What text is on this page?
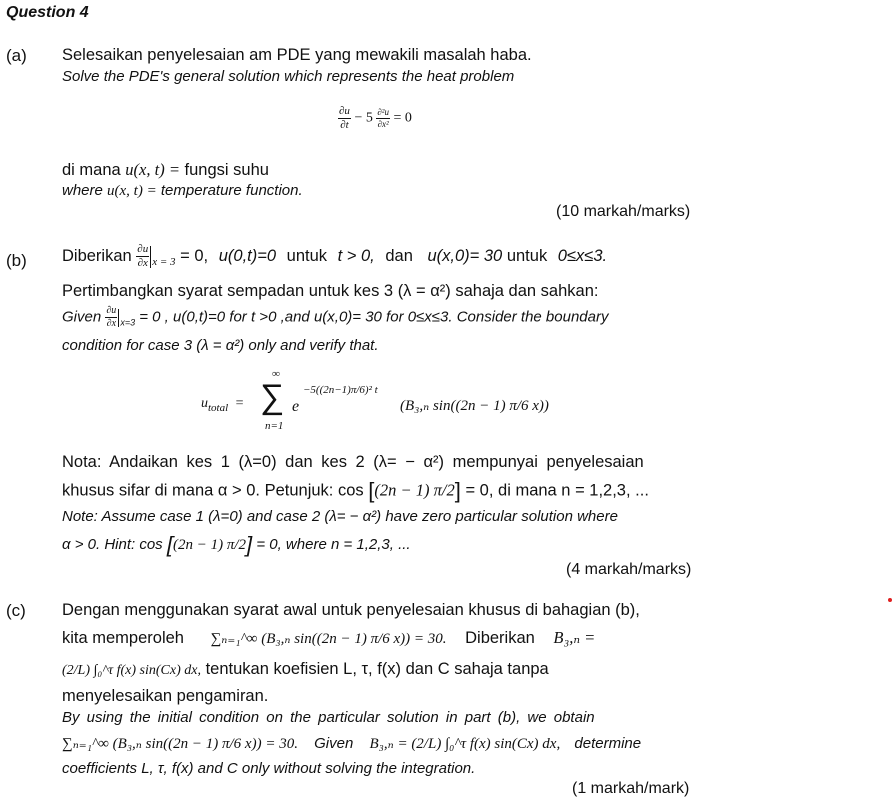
Question 4
(a) Selesaikan penyelesaian am PDE yang mewakili masalah haba.
Solve the PDE's general solution which represents the heat problem
$\frac{\partial u}{\partial t} - 5 \frac{\text{∂²u}}{\text{∂x²}} = 0$
di mana u(x, t) = fungsi suhu
where u(x, t) = temperature function.
(10 markah/marks)
(b) Diberikan $\frac{\partial u}{\partial x} _{x = 3} = 0$, u(0,t)=0 untuk t > 0, dan u(x,0)= 30 untuk 0≤x≤3.
Pertimbangkan syarat sempadan untuk kes 3 (λ = α²) sahaja dan sahkan:
Given $\frac{\partial u}{\partial x} _{x=3} = 0$ , u(0,t)=0 for t >0 ,and u(x,0)= 30 for 0≤x≤3. Consider the boundary
condition for case 3 (λ = α²) only and verify that.
$u_{total}$ =
∞
∑
n=1
e
−5((2n−1)π/6)² t
(B₃,ₙ sin((2n − 1) π/6 x))
Nota: Andaikan kes 1 (λ=0) dan kes 2 (λ= − α²) mempunyai penyelesaian
khusus sifar di mana α > 0. Petunjuk: cos [(2n − 1) π/2] = 0, di mana n = 1,2,3, ...
Note: Assume case 1 (λ=0) and case 2 (λ= − α²) have zero particular solution where
α > 0. Hint: cos [(2n − 1) π/2] = 0, where n = 1,2,3, ...
(4 markah/marks)
(c) Dengan menggunakan syarat awal untuk penyelesaian khusus di bahagian (b),
kita memperoleh ∑ₙ₌₁^∞ (B₃,ₙ sin((2n − 1) π/6 x)) = 30. Diberikan B₃,ₙ =
(2/L) ∫₀^τ f(x) sin(Cx) dx, tentukan koefisien L, τ, f(x) dan C sahaja tanpa
menyelesaikan pengamiran.
By using the initial condition on the particular solution in part (b), we obtain
∑ₙ₌₁^∞ (B₃,ₙ sin((2n − 1) π/6 x)) = 30. Given B₃,ₙ = (2/L) ∫₀^τ f(x) sin(Cx) dx, determine
coefficients L, τ, f(x) and C only without solving the integration.
(1 markah/mark)
